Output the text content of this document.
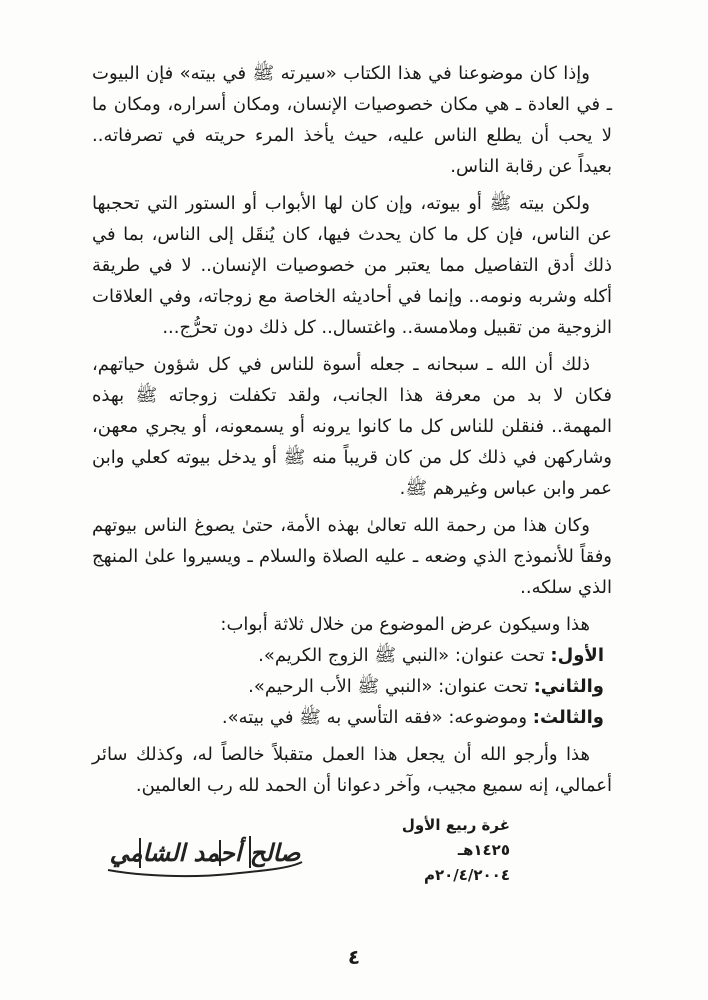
وإذا كان موضوعنا في هذا الكتاب «سيرته ﷺ في بيته» فإن البيوت ـ في العادة ـ هي مكان خصوصيات الإنسان، ومكان أسراره، ومكان ما لا يحب أن يطلع الناس عليه، حيث يأخذ المرء حريته في تصرفاته.. بعيداً عن رقابة الناس.

ولكن بيته ﷺ أو بيوته، وإن كان لها الأبواب أو الستور التي تحجبها عن الناس، فإن كل ما كان يحدث فيها، كان يُنقَل إلى الناس، بما في ذلك أدق التفاصيل مما يعتبر من خصوصيات الإنسان.. لا في طريقة أكله وشربه ونومه.. وإنما في أحاديثه الخاصة مع زوجاته، وفي العلاقات الزوجية من تقبيل وملامسة.. واغتسال.. كل ذلك دون تحرُّج...

ذلك أن الله ـ سبحانه ـ جعله أسوة للناس في كل شؤون حياتهم، فكان لا بد من معرفة هذا الجانب، ولقد تكفلت زوجاته ﷺ بهذه المهمة.. فنقلن للناس كل ما كانوا يرونه أو يسمعونه، أو يجري معهن، وشاركهن في ذلك كل من كان قريباً منه ﷺ أو يدخل بيوته كعلي وابن عمر وابن عباس وغيرهم ﷺ.

وكان هذا من رحمة الله تعالىٰ بهذه الأمة، حتىٰ يصوغ الناس بيوتهم وفقاً للأنموذج الذي وضعه ـ عليه الصلاة والسلام ـ ويسيروا علىٰ المنهج الذي سلكه..

هذا وسيكون عرض الموضوع من خلال ثلاثة أبواب:

الأول: تحت عنوان: «النبي ﷺ الزوج الكريم».

والثاني: تحت عنوان: «النبي ﷺ الأب الرحيم».

والثالث: وموضوعه: «فقه التأسي به ﷺ في بيته».

هذا وأرجو الله أن يجعل هذا العمل متقبلاً خالصاً له، وكذلك سائر أعمالي، إنه سميع مجيب، وآخر دعوانا أن الحمد لله رب العالمين.

غرة ربيع الأول ١٤٢٥هـ
٢٠/٤/٢٠٠٤م
صالح أحمد الشامي
٤
